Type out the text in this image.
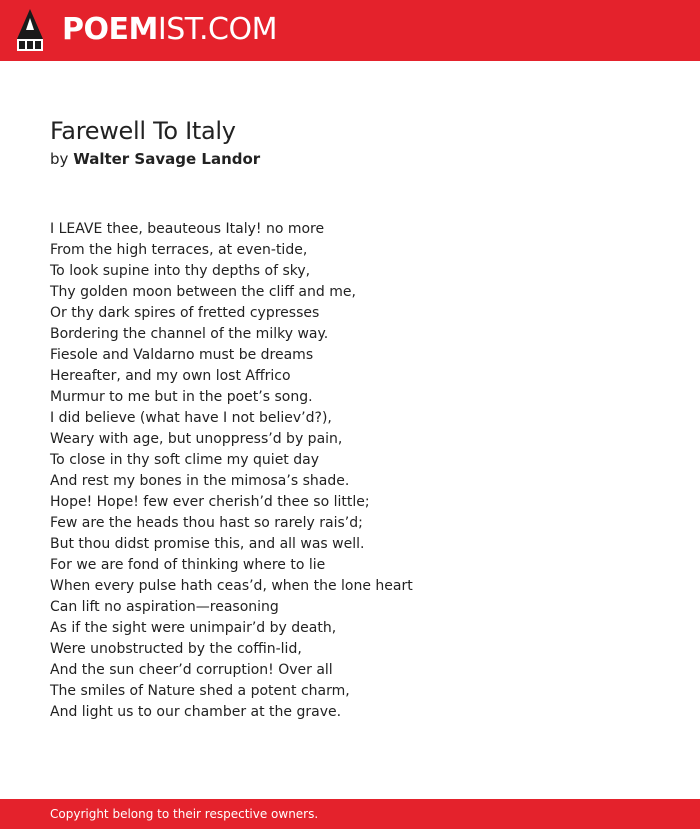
POEMIST.COM
Farewell To Italy
by Walter Savage Landor
I LEAVE thee, beauteous Italy! no more
From the high terraces, at even-tide,
To look supine into thy depths of sky,
Thy golden moon between the cliff and me,
Or thy dark spires of fretted cypresses
Bordering the channel of the milky way.
Fiesole and Valdarno must be dreams
Hereafter, and my own lost Affrico
Murmur to me but in the poet’s song.
I did believe (what have I not believ’d?),
Weary with age, but unoppress’d by pain,
To close in thy soft clime my quiet day
And rest my bones in the mimosa’s shade.
Hope! Hope! few ever cherish’d thee so little;
Few are the heads thou hast so rarely rais’d;
But thou didst promise this, and all was well.
For we are fond of thinking where to lie
When every pulse hath ceas’d, when the lone heart
Can lift no aspiration—reasoning
As if the sight were unimpair’d by death,
Were unobstructed by the coffin-lid,
And the sun cheer’d corruption! Over all
The smiles of Nature shed a potent charm,
And light us to our chamber at the grave.
Copyright belong to their respective owners.
